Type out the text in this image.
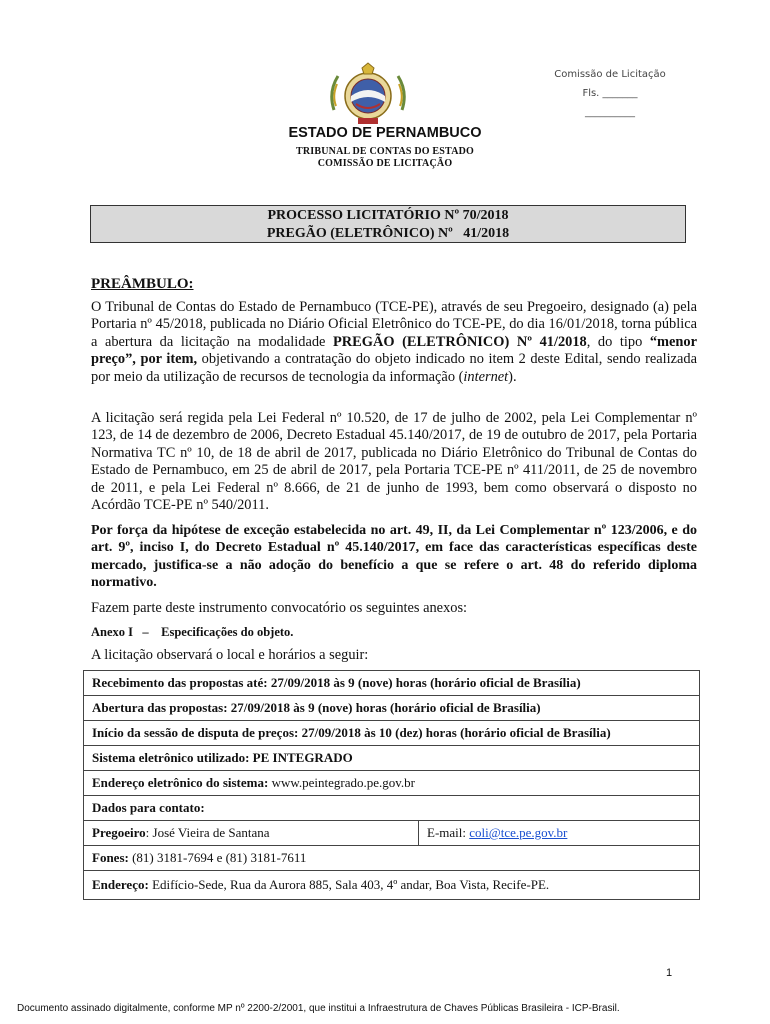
Comissão de Licitação
Fls. _______
__________
ESTADO DE PERNAMBUCO
TRIBUNAL DE CONTAS DO ESTADO
COMISSÃO DE LICITAÇÃO
PROCESSO LICITATÓRIO Nº 70/2018
PREGÃO (ELETRÔNICO) Nº   41/2018
PREÂMBULO:
O Tribunal de Contas do Estado de Pernambuco (TCE-PE), através de seu Pregoeiro, designado (a) pela Portaria nº 45/2018, publicada no Diário Oficial Eletrônico do TCE-PE, do dia 16/01/2018, torna pública a abertura da licitação na modalidade PREGÃO (ELETRÔNICO) Nº 41/2018, do tipo “menor preço”, por item, objetivando a contratação do objeto indicado no item 2 deste Edital, sendo realizada por meio da utilização de recursos de tecnologia da informação (internet).
A licitação será regida pela Lei Federal nº 10.520, de 17 de julho de 2002, pela Lei Complementar nº 123, de 14 de dezembro de 2006, Decreto Estadual 45.140/2017, de 19 de outubro de 2017, pela Portaria Normativa TC nº 10, de 18 de abril de 2017, publicada no Diário Eletrônico do Tribunal de Contas do Estado de Pernambuco, em 25 de abril de 2017, pela Portaria TCE-PE nº 411/2011, de 25 de novembro de 2011, e pela Lei Federal nº 8.666, de 21 de junho de 1993, bem como observará o disposto no Acórdão TCE-PE nº 540/2011.
Por força da hipótese de exceção estabelecida no art. 49, II, da Lei Complementar nº 123/2006, e do art. 9º, inciso I, do Decreto Estadual nº 45.140/2017, em face das características específicas deste mercado, justifica-se a não adoção do benefício a que se refere o art. 48 do referido diploma normativo.
Fazem parte deste instrumento convocatório os seguintes anexos:
Anexo I   –    Especificações do objeto.
A licitação observará o local e horários a seguir:
Recebimento das propostas até: 27/09/2018 às 9 (nove) horas (horário oficial de Brasília)
Abertura das propostas: 27/09/2018 às 9 (nove) horas (horário oficial de Brasília)
Início da sessão de disputa de preços: 27/09/2018 às 10 (dez) horas (horário oficial de Brasília)
Sistema eletrônico utilizado: PE INTEGRADO
Endereço eletrônico do sistema: www.peintegrado.pe.gov.br
Dados para contato:
Pregoeiro: José Vieira de Santana	E-mail: coli@tce.pe.gov.br
Fones: (81) 3181-7694 e (81) 3181-7611
Endereço: Edifício-Sede, Rua da Aurora 885, Sala 403, 4º andar, Boa Vista, Recife-PE.
1
Documento assinado digitalmente, conforme MP nº 2200-2/2001, que institui a Infraestrutura de Chaves Públicas Brasileira - ICP-Brasil.
